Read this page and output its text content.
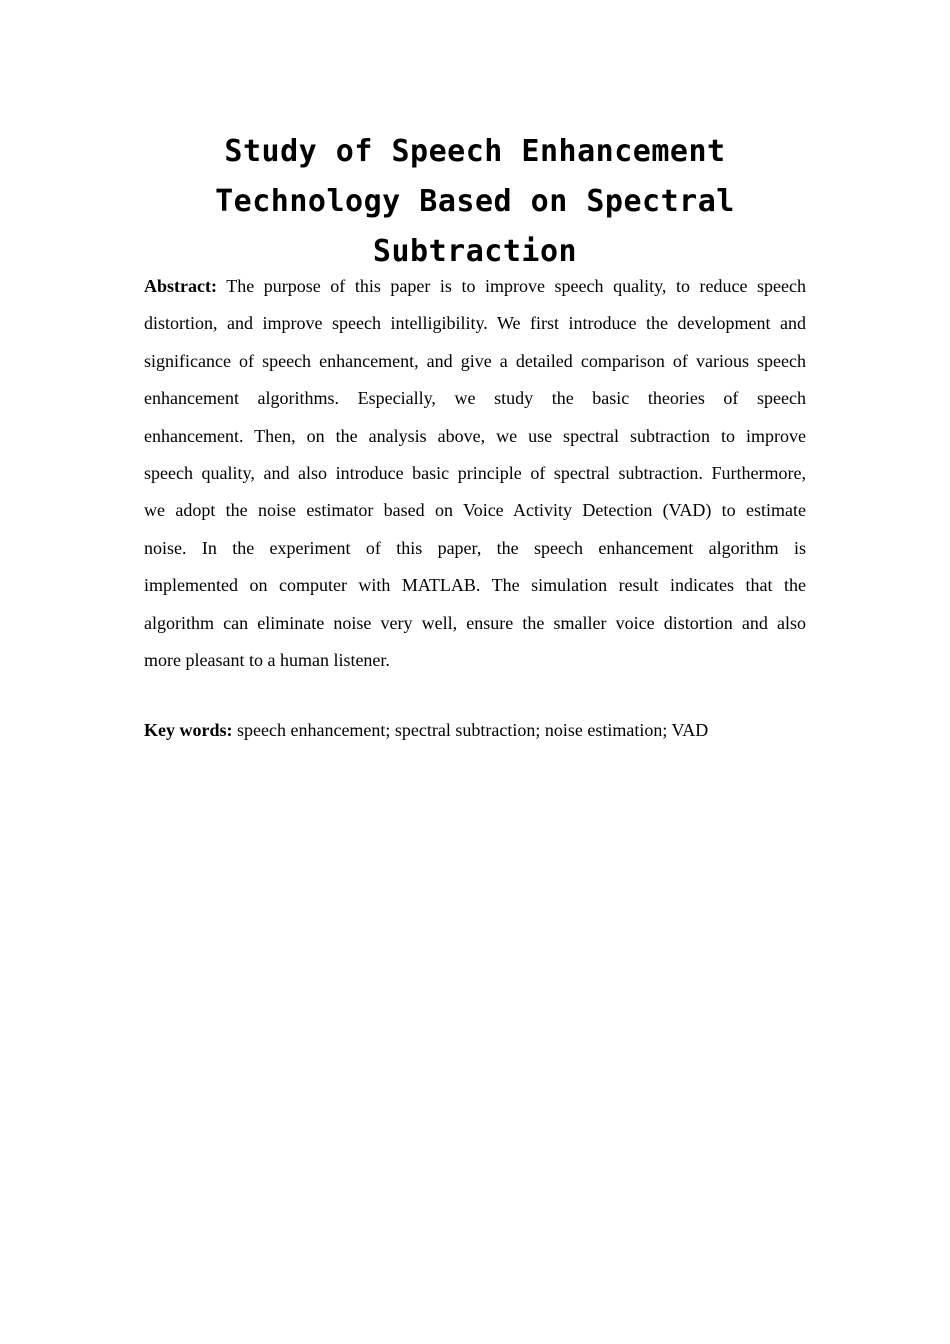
Study of Speech Enhancement
Technology Based on Spectral
Subtraction
Abstract: The purpose of this paper is to improve speech quality, to reduce speech
distortion, and improve speech intelligibility. We first introduce the development and
significance of speech enhancement, and give a detailed comparison of various speech
enhancement algorithms. Especially, we study the basic theories of speech
enhancement. Then, on the analysis above, we use spectral subtraction to improve
speech quality, and also introduce basic principle of spectral subtraction. Furthermore,
we adopt the noise estimator based on Voice Activity Detection (VAD) to estimate
noise. In the experiment of this paper, the speech enhancement algorithm is
implemented on computer with MATLAB. The simulation result indicates that the
algorithm can eliminate noise very well, ensure the smaller voice distortion and also
more pleasant to a human listener.

Key words: speech enhancement; spectral subtraction; noise estimation; VAD
